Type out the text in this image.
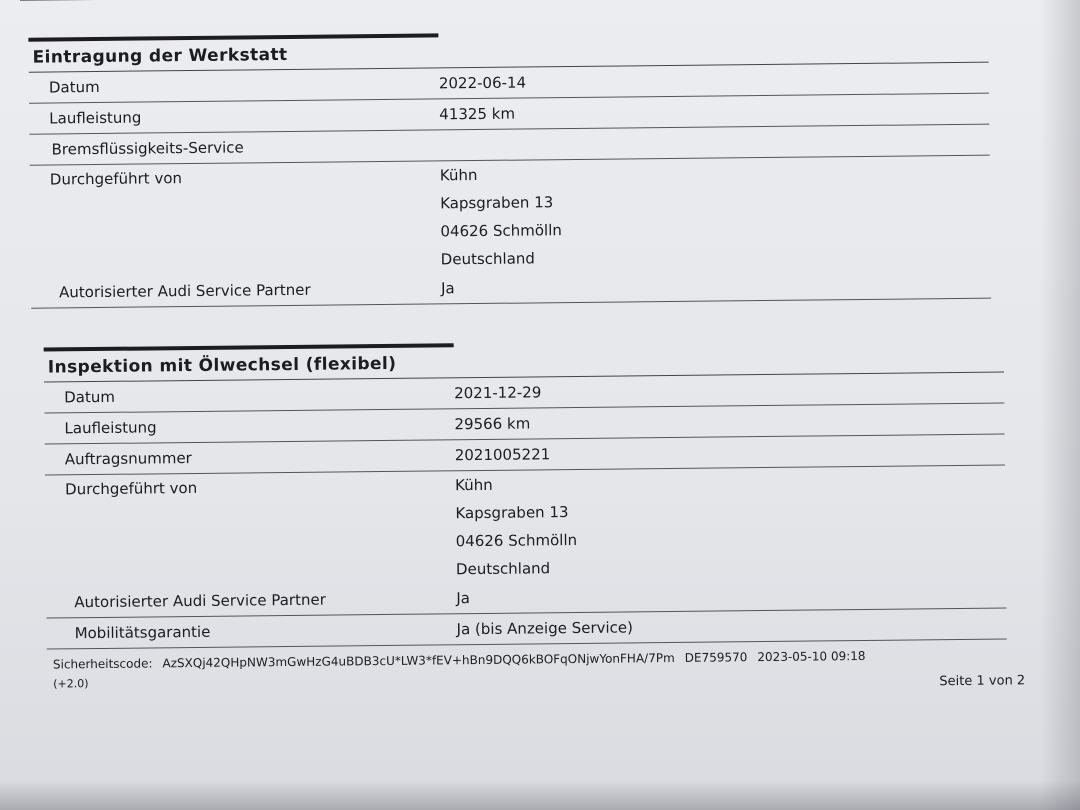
Eintragung der Werkstatt
Datum	2022-06-14
Laufleistung	41325 km
Bremsflüssigkeits-Service
Durchgeführt von	Kühn
Kapsgraben 13
04626 Schmölln
Deutschland
Autorisierter Audi Service Partner	Ja
Inspektion mit Ölwechsel (flexibel)
Datum	2021-12-29
Laufleistung	29566 km
Auftragsnummer	2021005221
Durchgeführt von	Kühn
Kapsgraben 13
04626 Schmölln
Deutschland
Autorisierter Audi Service Partner	Ja
Mobilitätsgarantie	Ja (bis Anzeige Service)
Sicherheitscode: AzSXQj42QHpNW3mGwHzG4uBDB3cU*LW3*fEV+hBn9DQQ6kBOFqONjwYonFHA/7Pm DE759570 2023-05-10 09:18
(+2.0)	Seite 1 von 2
